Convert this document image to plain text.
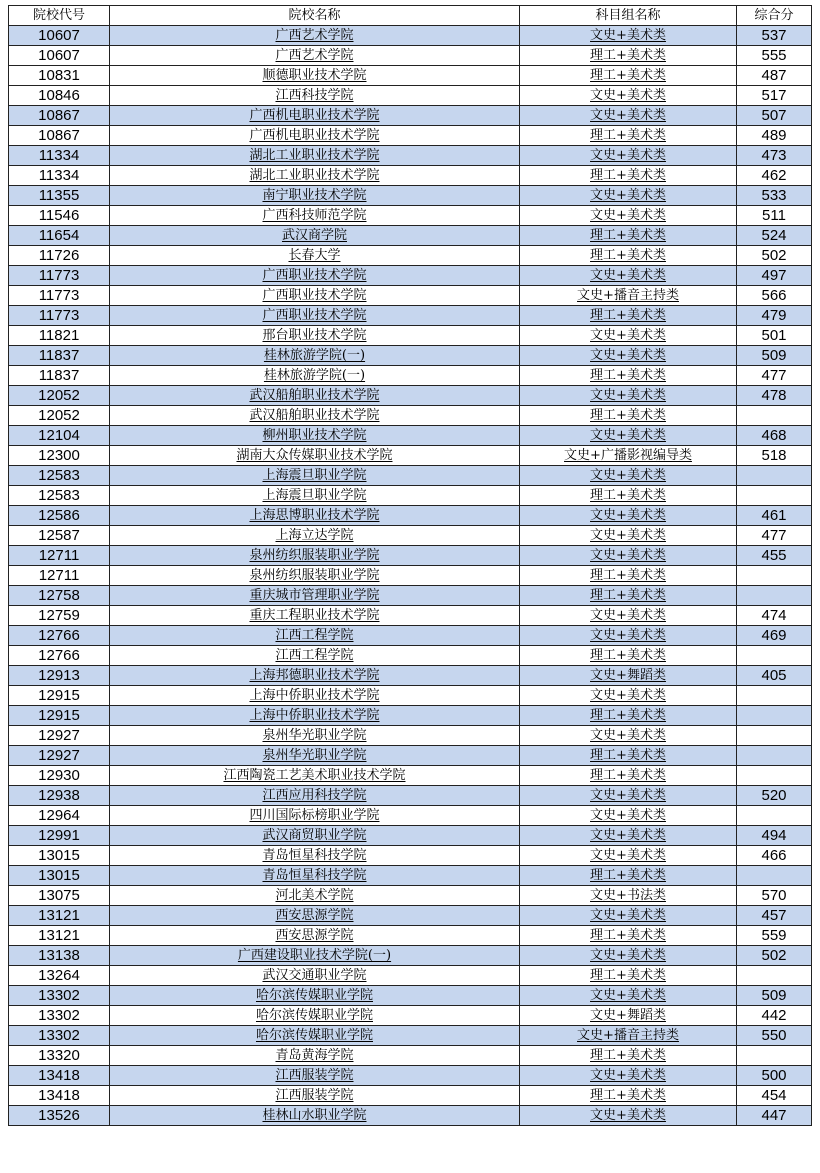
院校代号	院校名称	科目组名称	综合分
10607	广西艺术学院	文史+美术类	537
10607	广西艺术学院	理工+美术类	555
10831	顺德职业技术学院	理工+美术类	487
10846	江西科技学院	文史+美术类	517
10867	广西机电职业技术学院	文史+美术类	507
10867	广西机电职业技术学院	理工+美术类	489
11334	湖北工业职业技术学院	文史+美术类	473
11334	湖北工业职业技术学院	理工+美术类	462
11355	南宁职业技术学院	文史+美术类	533
11546	广西科技师范学院	文史+美术类	511
11654	武汉商学院	理工+美术类	524
11726	长春大学	理工+美术类	502
11773	广西职业技术学院	文史+美术类	497
11773	广西职业技术学院	文史+播音主持类	566
11773	广西职业技术学院	理工+美术类	479
11821	邢台职业技术学院	文史+美术类	501
11837	桂林旅游学院(一)	文史+美术类	509
11837	桂林旅游学院(一)	理工+美术类	477
12052	武汉船舶职业技术学院	文史+美术类	478
12052	武汉船舶职业技术学院	理工+美术类	
12104	柳州职业技术学院	文史+美术类	468
12300	湖南大众传媒职业技术学院	文史+广播影视编导类	518
12583	上海震旦职业学院	文史+美术类	
12583	上海震旦职业学院	理工+美术类	
12586	上海思博职业技术学院	文史+美术类	461
12587	上海立达学院	文史+美术类	477
12711	泉州纺织服装职业学院	文史+美术类	455
12711	泉州纺织服装职业学院	理工+美术类	
12758	重庆城市管理职业学院	理工+美术类	
12759	重庆工程职业技术学院	文史+美术类	474
12766	江西工程学院	文史+美术类	469
12766	江西工程学院	理工+美术类	
12913	上海邦德职业技术学院	文史+舞蹈类	405
12915	上海中侨职业技术学院	文史+美术类	
12915	上海中侨职业技术学院	理工+美术类	
12927	泉州华光职业学院	文史+美术类	
12927	泉州华光职业学院	理工+美术类	
12930	江西陶瓷工艺美术职业技术学院	理工+美术类	
12938	江西应用科技学院	文史+美术类	520
12964	四川国际标榜职业学院	文史+美术类	
12991	武汉商贸职业学院	文史+美术类	494
13015	青岛恒星科技学院	文史+美术类	466
13015	青岛恒星科技学院	理工+美术类	
13075	河北美术学院	文史+书法类	570
13121	西安思源学院	文史+美术类	457
13121	西安思源学院	理工+美术类	559
13138	广西建设职业技术学院(一)	文史+美术类	502
13264	武汉交通职业学院	理工+美术类	
13302	哈尔滨传媒职业学院	文史+美术类	509
13302	哈尔滨传媒职业学院	文史+舞蹈类	442
13302	哈尔滨传媒职业学院	文史+播音主持类	550
13320	青岛黄海学院	理工+美术类	
13418	江西服装学院	文史+美术类	500
13418	江西服装学院	理工+美术类	454
13526	桂林山水职业学院	文史+美术类	447
